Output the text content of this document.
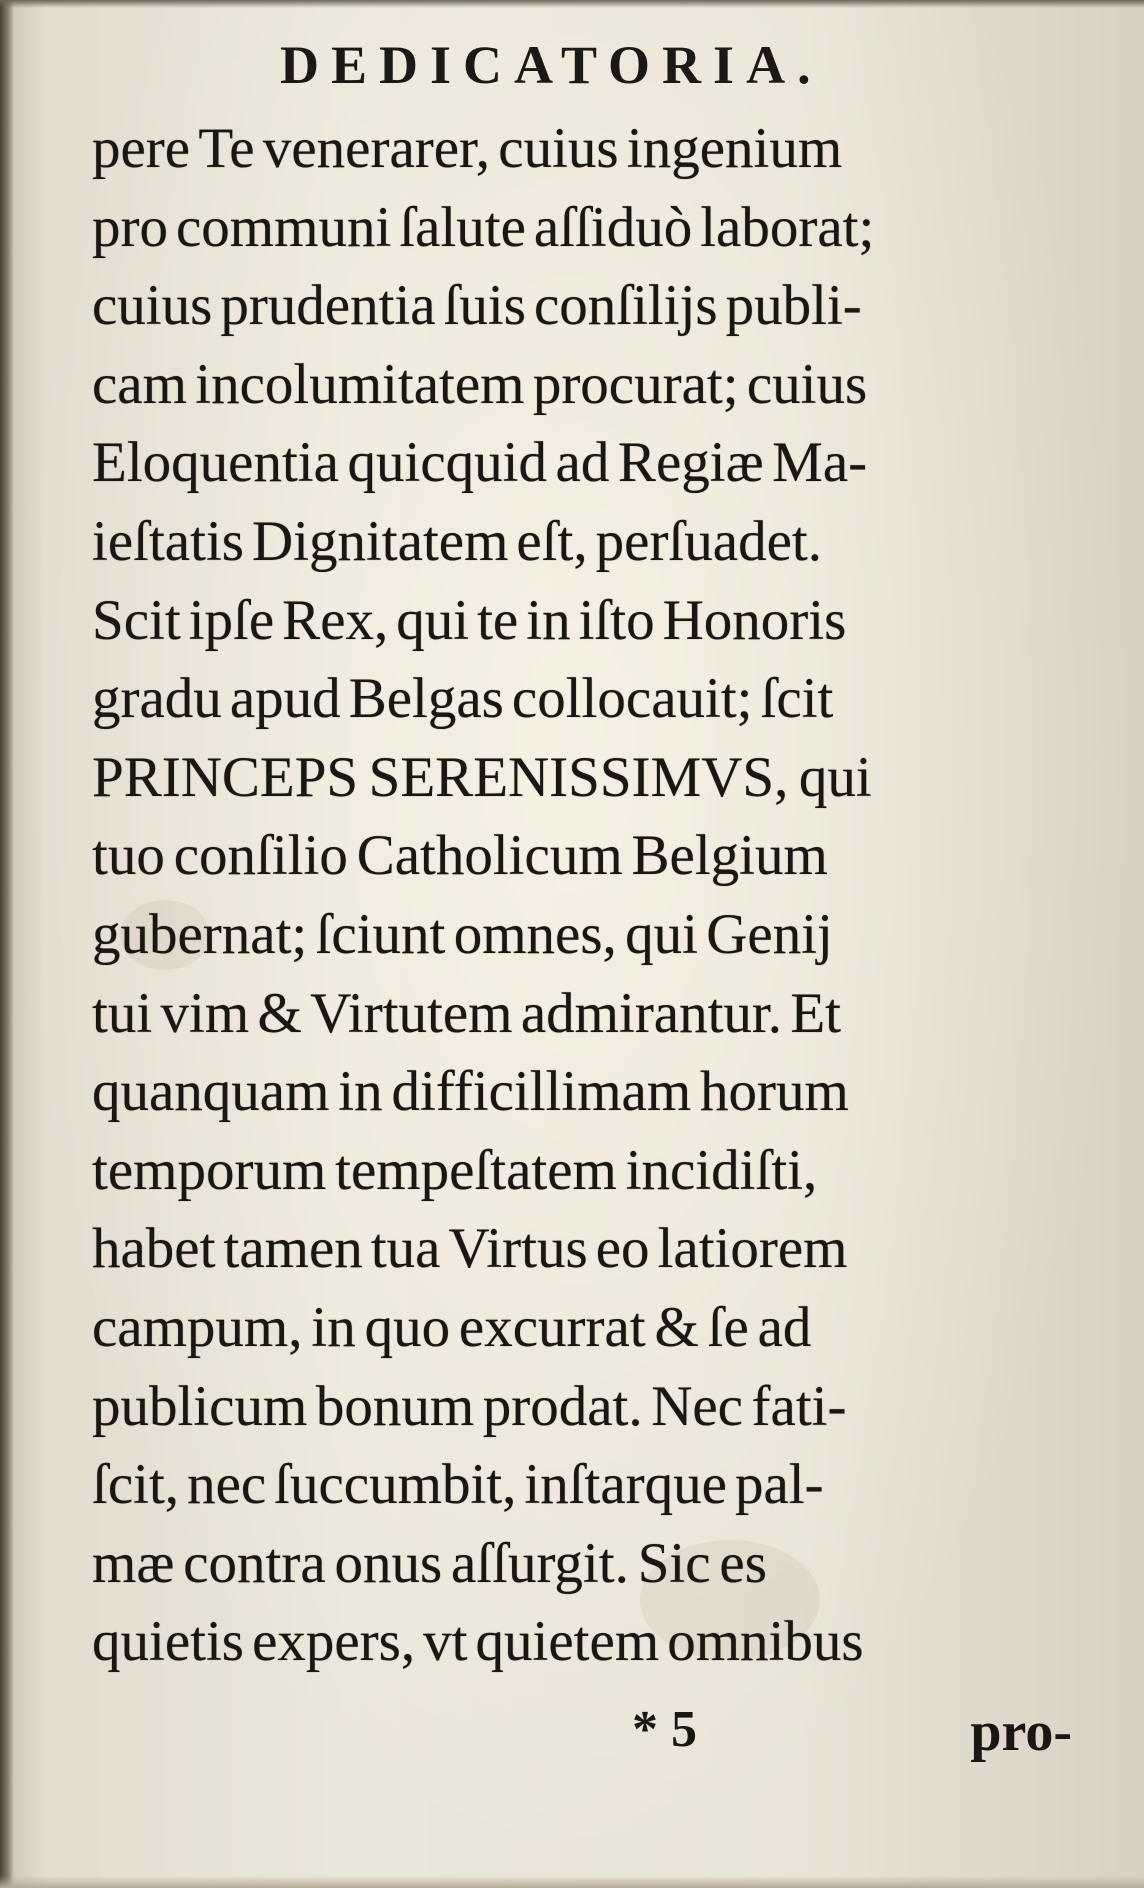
DEDICATORIA.
pere Te venerarer, cuius ingenium
pro communi ſalute aſſiduò laborat;
cuius prudentia ſuis conſilijs publi-
cam incolumitatem procurat; cuius
Eloquentia quicquid ad Regiæ Ma-
ieſtatis Dignitatem eſt, perſuadet.
Scit ipſe Rex, qui te in iſto Honoris
gradu apud Belgas collocauit; ſcit
PRINCEPS SERENISSIMVS, qui
tuo conſilio Catholicum Belgium
gubernat; ſciunt omnes, qui Genij
tui vim & Virtutem admirantur. Et
quanquam in difficillimam horum
temporum tempeſtatem incidiſti,
habet tamen tua Virtus eo latiorem
campum, in quo excurrat & ſe ad
publicum bonum prodat. Nec fati-
ſcit, nec ſuccumbit, inſtarque pal-
mæ contra onus aſſurgit. Sic es
quietis expers, vt quietem omnibus
* 5	pro-
